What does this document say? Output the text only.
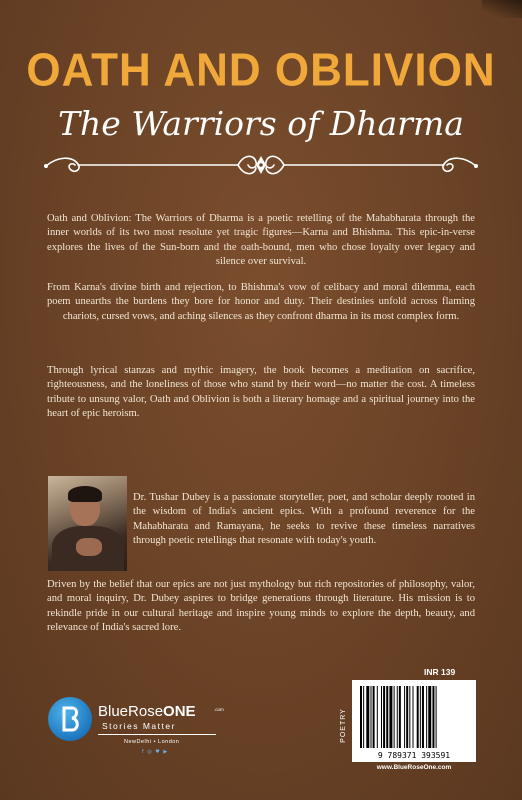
OATH AND OBLIVION
The Warriors of Dharma

Oath and Oblivion: The Warriors of Dharma is a poetic retelling of the Mahabharata through the inner worlds of its two most resolute yet tragic figures—Karna and Bhishma. This epic-in-verse explores the lives of the Sun-born and the oath-bound, men who chose loyalty over legacy and silence over survival.

From Karna's divine birth and rejection, to Bhishma's vow of celibacy and moral dilemma, each poem unearths the burdens they bore for honor and duty. Their destinies unfold across flaming chariots, cursed vows, and aching silences as they confront dharma in its most complex form.

Through lyrical stanzas and mythic imagery, the book becomes a meditation on sacrifice, righteousness, and the loneliness of those who stand by their word—no matter the cost. A timeless tribute to unsung valor, Oath and Oblivion is both a literary homage and a spiritual journey into the heart of epic heroism.

Dr. Tushar Dubey is a passionate storyteller, poet, and scholar deeply rooted in the wisdom of India's ancient epics. With a profound reverence for the Mahabharata and Ramayana, he seeks to revive these timeless narratives through poetic retellings that resonate with today's youth.

Driven by the belief that our epics are not just mythology but rich repositories of philosophy, valor, and moral inquiry, Dr. Dubey aspires to bridge generations through literature. His mission is to rekindle pride in our cultural heritage and inspire young minds to explore the depth, beauty, and relevance of India's sacred lore.

INR 139
POETRY
9 789371 393591
www.BlueRoseOne.com
BlueRoseONE	.com
Stories Matter
NewDelhi • London
f ◎ ♥ ▶
